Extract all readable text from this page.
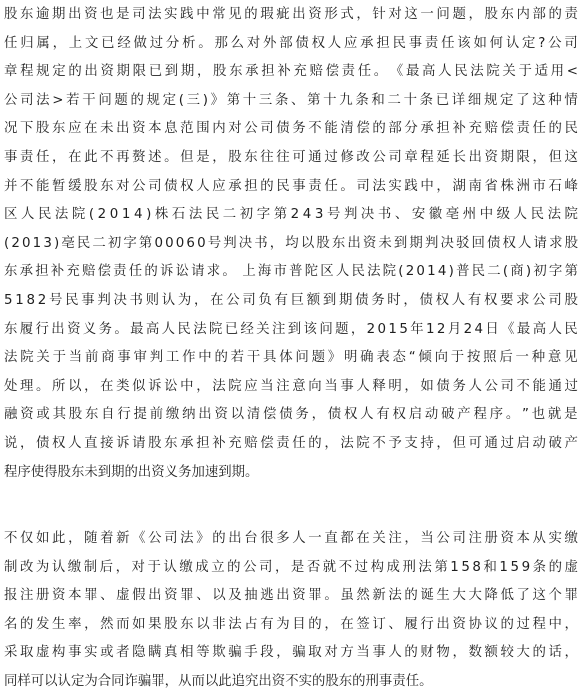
股 东 逾 期 出 资 也 是 司 法 实 践 中 常 见 的 瑕 疵 出 资 形 式 ， 针 对 这 一 问 题 ， 股 东 内 部 的 责

任 归 属 ， 上 文 已 经 做 过 分 析 。 那 么 对 外 部 债 权 人 应 承 担 民 事 责 任 该 如 何 认 定 ? 公 司

章 程 规 定 的 出 资 期 限 已 到 期 ， 股 东 承 担 补 充 赔 偿 责 任 。 《 最 高 人 民 法 院 关 于 适 用 <

公 司 法 > 若 干 问 题 的 规 定 ( 三 ) 》 第 十 三 条 、 第 十 九 条 和 二 十 条 已 详 细 规 定 了 这 种 情

况 下 股 东 应 在 未 出 资 本 息 范 围 内 对 公 司 债 务 不 能 清 偿 的 部 分 承 担 补 充 赔 偿 责 任 的 民

事 责 任 ， 在 此 不 再 赘 述 。 但 是 ， 股 东 往 往 可 通 过 修 改 公 司 章 程 延 长 出 资 期 限 ， 但 这

并 不 能 暂 缓 股 东 对 公 司 债 权 人 应 承 担 的 民 事 责 任 。 司 法 实 践 中 ， 湖 南 省 株 洲 市 石 峰

区 人 民 法 院 ( 2 0 1 4 ) 株 石 法 民 二 初 字 第 2 4 3 号 判 决 书 、 安 徽 亳 州 中 级 人 民 法 院

( 2 0 1 3 ) 亳 民 二 初 字 第 0 0 0 6 0 号 判 决 书 ， 均 以 股 东 出 资 未 到 期 判 决 驳 回 债 权 人 请 求 股

东 承 担 补 充 赔 偿 责 任 的 诉 讼 请 求 。 上 海 市 普 陀 区 人 民 法 院 ( 2 0 1 4 ) 普 民 二 ( 商 ) 初 字 第

5 1 8 2 号 民 事 判 决 书 则 认 为 ， 在 公 司 负 有 巨 额 到 期 债 务 时 ， 债 权 人 有 权 要 求 公 司 股

东 履 行 出 资 义 务 。 最 高 人 民 法 院 已 经 关 注 到 该 问 题 ， 2 0 1 5 年 1 2 月 2 4 日 《 最 高 人 民

法 院 关 于 当 前 商 事 审 判 工 作 中 的 若 干 具 体 问 题 》 明 确 表 态 “ 倾 向 于 按 照 后 一 种 意 见

处 理 。 所 以 ， 在 类 似 诉 讼 中 ， 法 院 应 当 注 意 向 当 事 人 释 明 ， 如 债 务 人 公 司 不 能 通 过

融 资 或 其 股 东 自 行 提 前 缴 纳 出 资 以 清 偿 债 务 ， 债 权 人 有 权 启 动 破 产 程 序 。 ” 也 就 是

说 ， 债 权 人 直 接 诉 请 股 东 承 担 补 充 赔 偿 责 任 的 ， 法 院 不 予 支 持 ， 但 可 通 过 启 动 破 产

程序使得股东未到期的出资义务加速到期。

不 仅 如 此 ， 随 着 新 《 公 司 法 》 的 出 台 很 多 人 一 直 都 在 关 注 ， 当 公 司 注 册 资 本 从 实 缴

制 改 为 认 缴 制 后 ， 对 于 认 缴 成 立 的 公 司 ， 是 否 就 不 过 构 成 刑 法 第 1 5 8 和 1 5 9 条 的 虚

报 注 册 资 本 罪 、 虚 假 出 资 罪 、 以 及 抽 逃 出 资 罪 。 虽 然 新 法 的 诞 生 大 大 降 低 了 这 个 罪

名 的 发 生 率 ， 然 而 如 果 股 东 以 非 法 占 有 为 目 的 ， 在 签 订 、 履 行 出 资 协 议 的 过 程 中 ，

采 取 虚 构 事 实 或 者 隐 瞒 真 相 等 欺 骗 手 段 ， 骗 取 对 方 当 事 人 的 财 物 ， 数 额 较 大 的 话 ，

同样可以认定为合同诈骗罪，从而以此追究出资不实的股东的刑事责任。
